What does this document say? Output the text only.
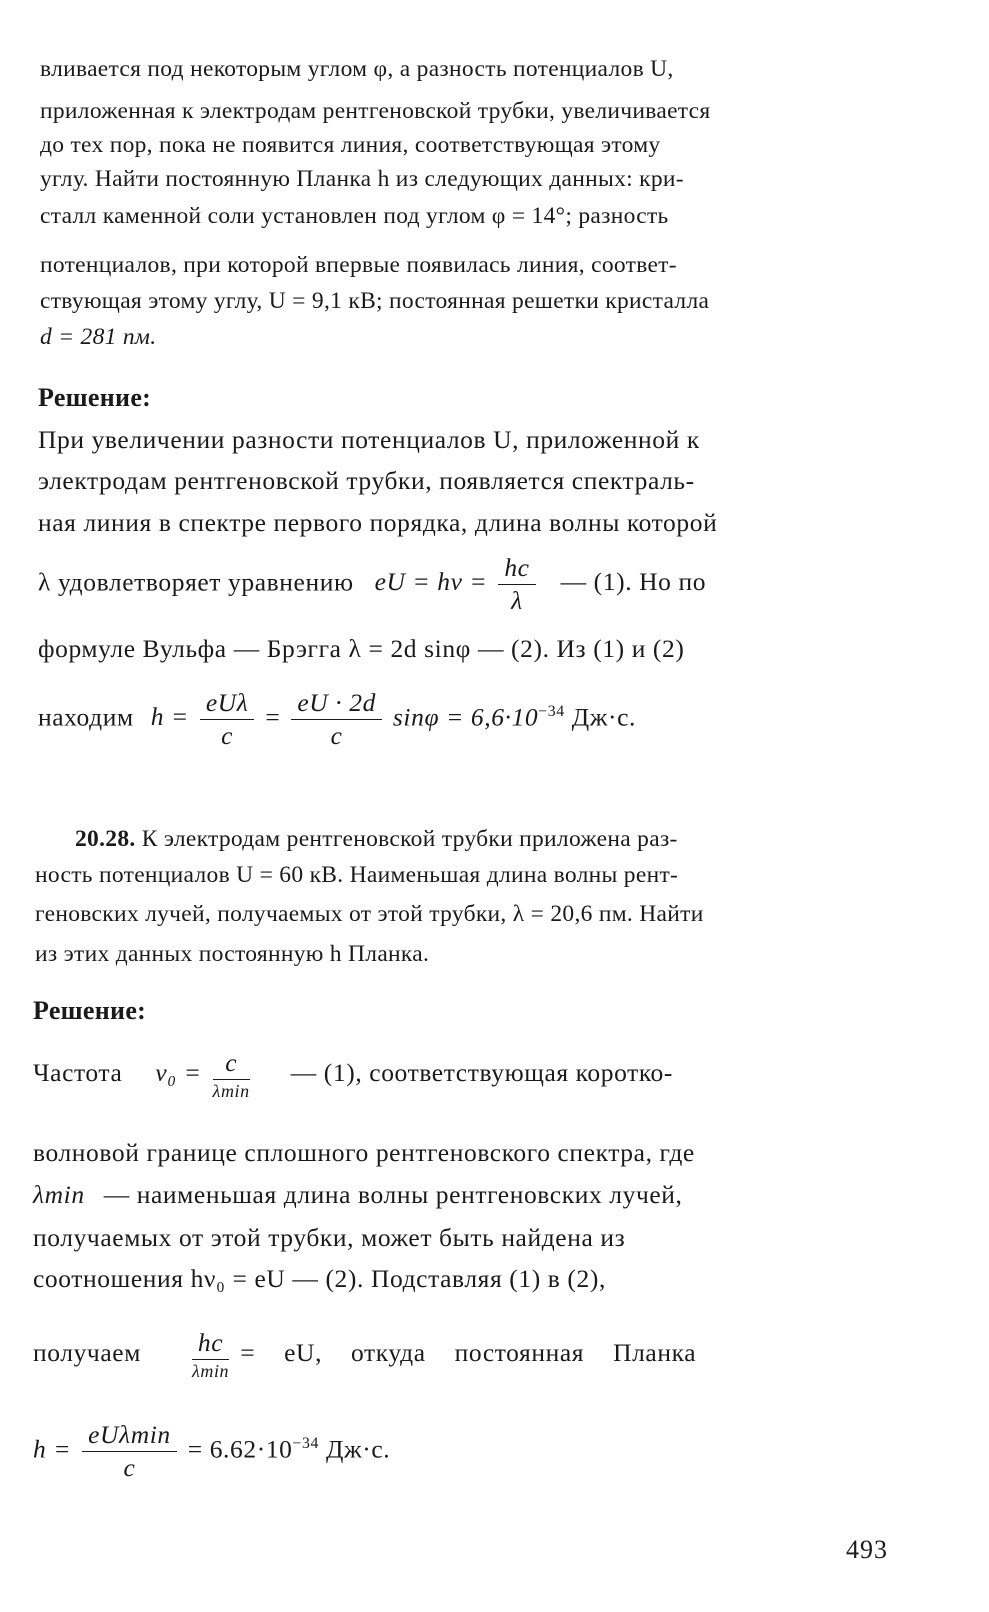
вливается под некоторым углом φ, а разность потенциалов U,
приложенная к электродам рентгеновской трубки, увеличивается
до тех пор, пока не появится линия, соответствующая этому
углу. Найти постоянную Планка h из следующих данных: кри-
сталл каменной соли установлен под углом φ = 14°; разность
потенциалов, при которой впервые появилась линия, соответ-
ствующая этому углу, U = 9,1 кВ; постоянная решетки кристалла
d = 281 пм.
Решение:
При увеличении разности потенциалов U, приложенной к
электродам рентгеновской трубки, появляется спектраль-
ная линия в спектре первого порядка, длина волны которой
λ удовлетворяет уравнению eU = $h\nu = \frac{hc}{\lambda}$ — (1). Но по
формуле Вульфа — Брэгга λ = 2d sinφ — (2). Из (1) и (2)
находим $h = \frac{\text{eUλ}}{c} = \frac{eU \cdot 2d}{c}$ $\sin\varphi = 6,6\cdot 10^{-34}$ Дж·с.
20.28. К электродам рентгеновской трубки приложена раз-
ность потенциалов U = 60 кВ. Наименьшая длина волны рент-
геновских лучей, получаемых от этой трубки, λ = 20,6 пм. Найти
из этих данных постоянную h Планка.
Решение:
Частота $\nu_0 = \frac{c}{\lambda\min}$ — (1), соответствующая коротко-
волновой границе сплошного рентгеновского спектра, где
λmin — наименьшая длина волны рентгеновских лучей,
получаемых от этой трубки, может быть найдена из
соотношения hν₀ = eU — (2). Подставляя (1) в (2),
получаем $\frac{hc}{\lambda\min}$ = eU, откуда постоянная Планка
$h = \frac{\text{eUλmin}}{c} = 6.62\cdot 10^{-34}$ Дж·с.
493
